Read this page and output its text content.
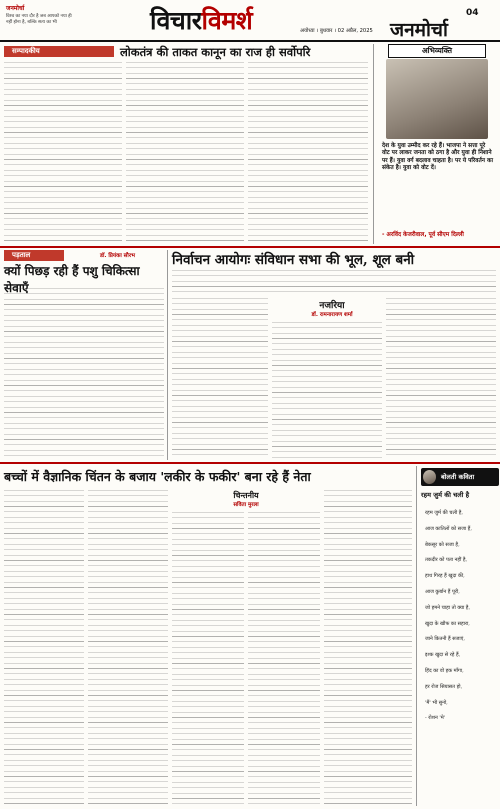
जनमोर्चा
विश्व का नया दौर है जब आपको नया ही नहीं होना है, बल्कि सत्य का भी	विचारविमर्श	अयोध्या । बुधवार । 02 अप्रैल, 2025 जनमोर्चा
04
सम्पादकीय	लोकतंत्र की ताकत कानून का राज ही सर्वोपरि	अभिव्यक्ति
देश के युवा उम्मीद कर रहे हैं। भाजपा ने सत्ता पूरे वोट पर लाकर जनता को ठगा है और युवा ही निशाने पर हैं। युवा वर्ग बदलाव चाहता है। पर ये परिवर्तन का संकेत है। युवा को वोट दें।
- अरविंद केजरीवाल, पूर्व सीएम दिल्ली
पड़ताल	डॉ. प्रियंका सौरभ
क्यों पिछड़ रही हैं पशु चिकित्सा सेवाएँ
निर्वाचन आयोगः संविधान सभा की भूल, शूल बनी
नजरिया
डॉ. रामनारायण शर्मा
बच्चों में वैज्ञानिक चिंतन के बजाय 'लकीर के फकीर' बना रहे हैं नेता
चिन्तनीय
सविता मुरला
बोलती कविता
रहम जुर्म की चली है
रहम जुर्म की चली है,
आज कातिलों को सजा हैं,
बेकसूर को सजा है,
तकदीर को पता नहीं है,
हाथ गिरह हैं खुदा की,
आज कुर्बान हैं पूरी,
जो हमने चाहा तो क्या है,
खुदा के खौफ का सहारा,
जाने कितनी हैं सजाएं,
इश्क खुदा से रहे हैं,
हिंद का वो हक माँगा,
हर रोज सियासत हो,
'मैं' भी सुनो,
- रोशन 'मे'
